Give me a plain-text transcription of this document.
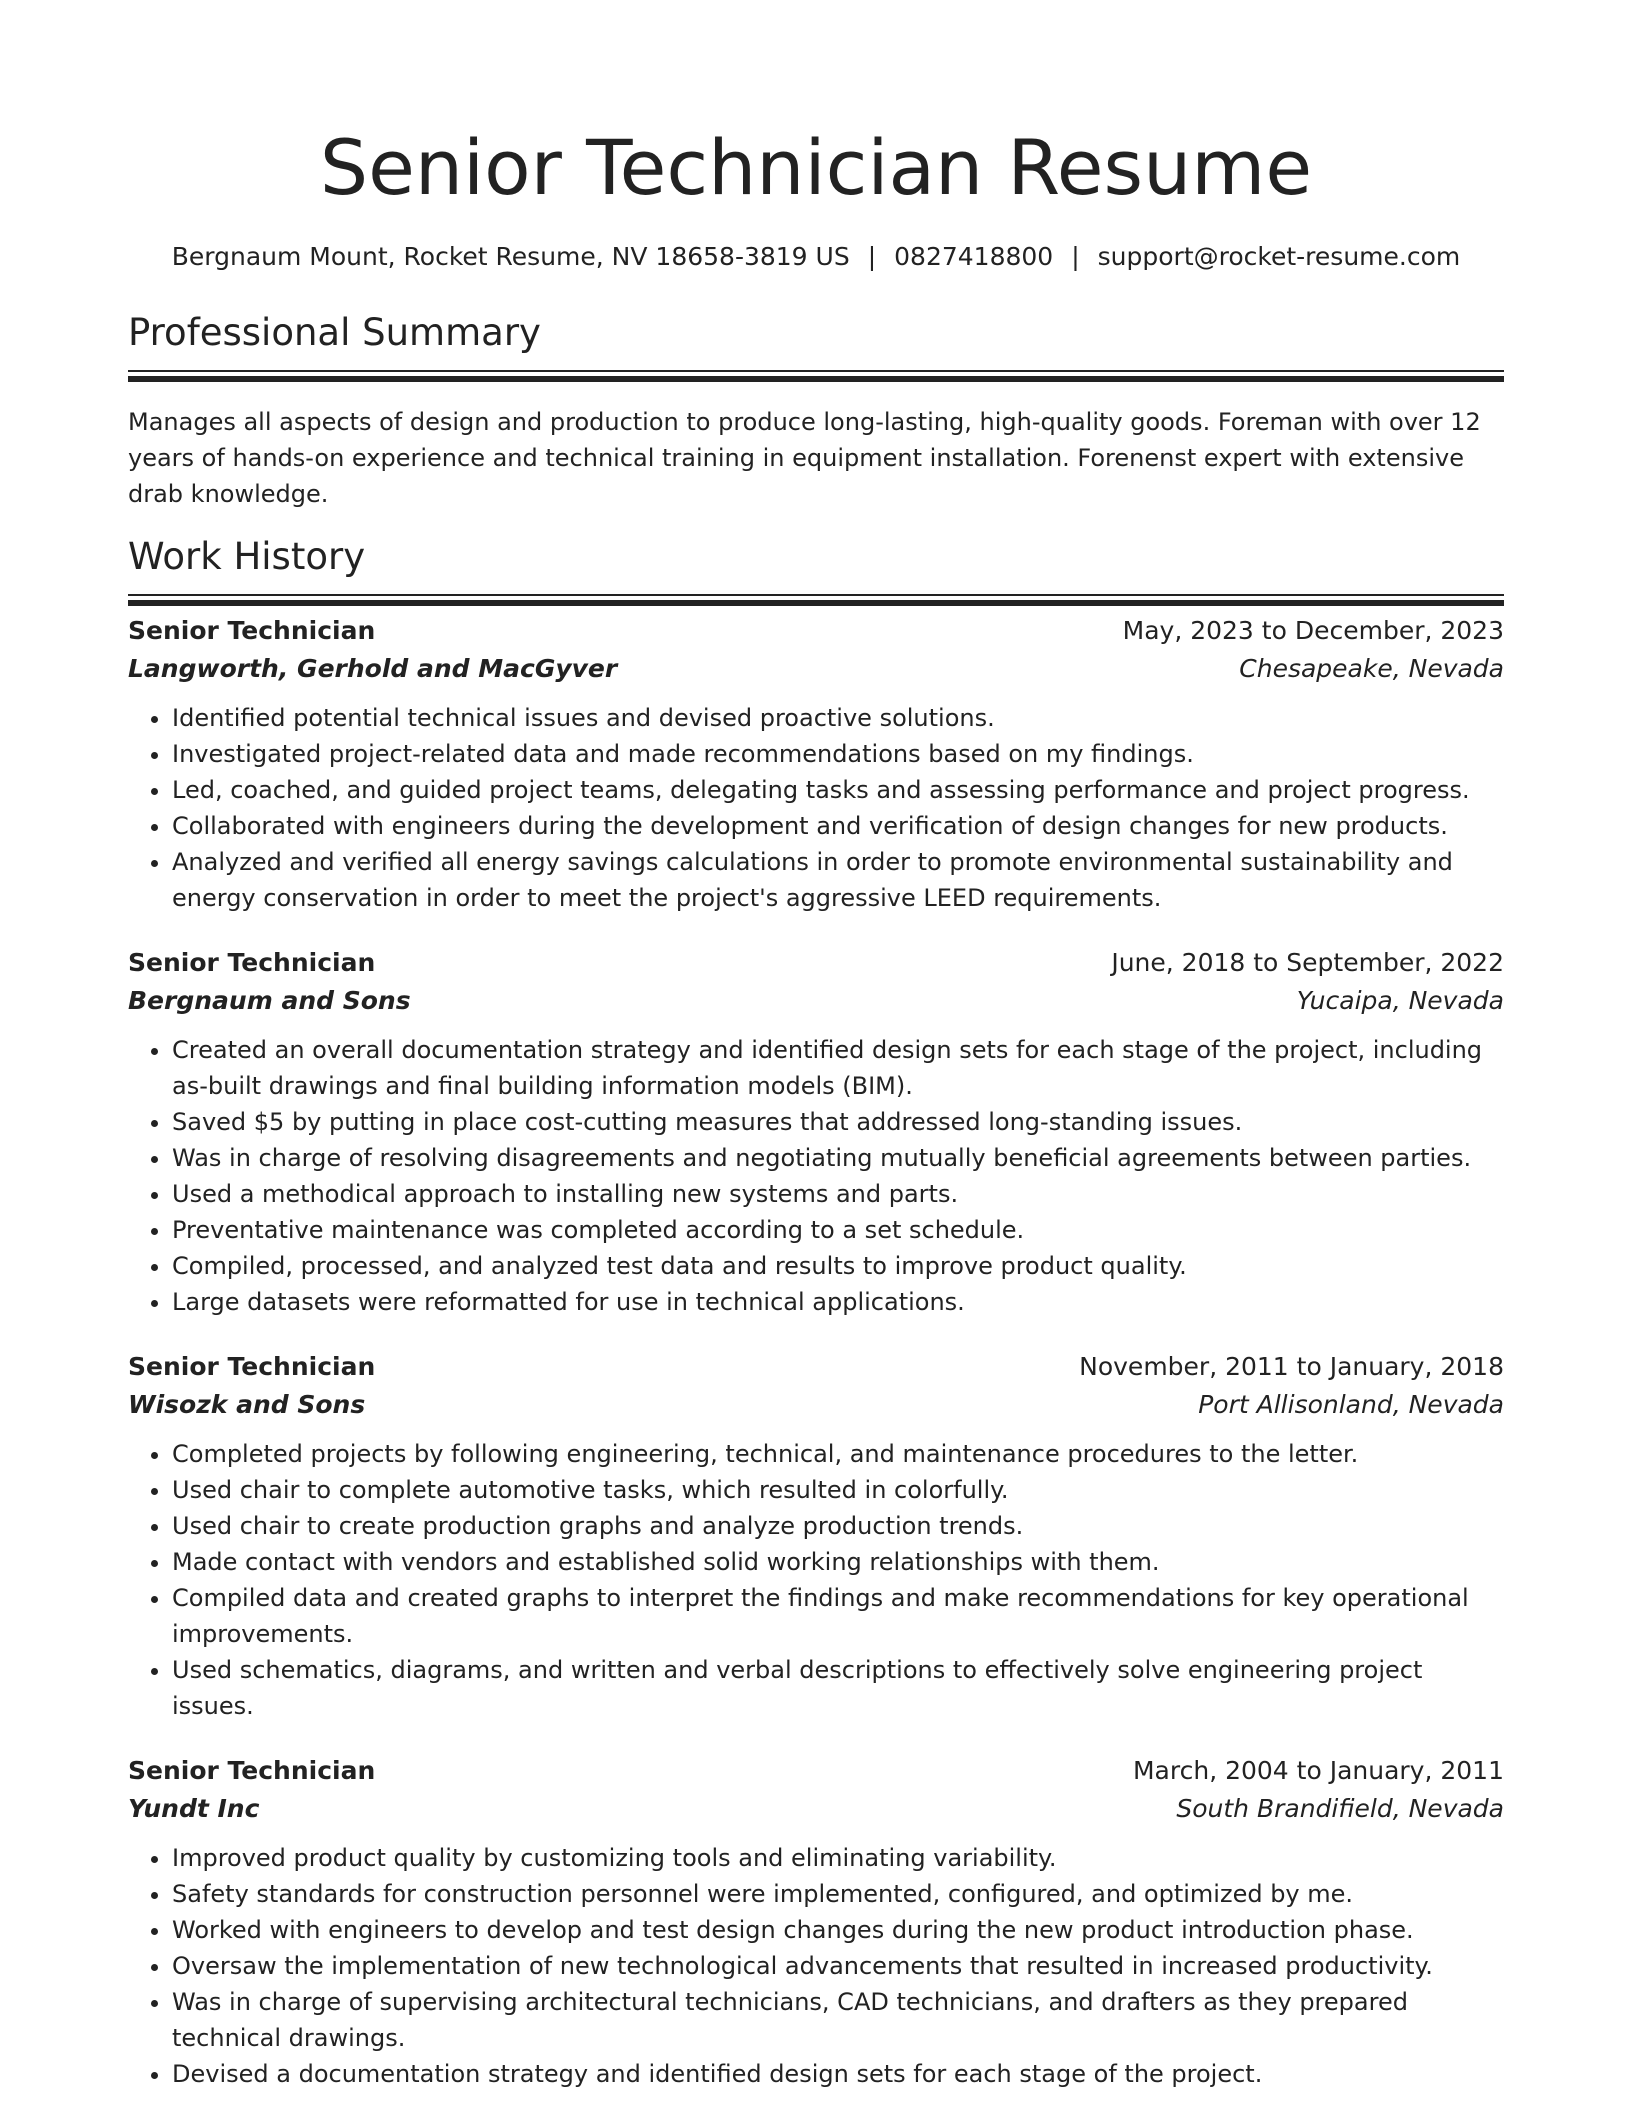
Senior Technician Resume
Bergnaum Mount, Rocket Resume, NV 18658-3819 US | 0827418800 | support@rocket-resume.com
Professional Summary
Manages all aspects of design and production to produce long-lasting, high-quality goods. Foreman with over 12 years of hands-on experience and technical training in equipment installation. Forenenst expert with extensive drab knowledge.
Work History
Senior Technician	May, 2023 to December, 2023
Langworth, Gerhold and MacGyver	Chesapeake, Nevada
• Identified potential technical issues and devised proactive solutions.
• Investigated project-related data and made recommendations based on my findings.
• Led, coached, and guided project teams, delegating tasks and assessing performance and project progress.
• Collaborated with engineers during the development and verification of design changes for new products.
• Analyzed and verified all energy savings calculations in order to promote environmental sustainability and energy conservation in order to meet the project's aggressive LEED requirements.
Senior Technician	June, 2018 to September, 2022
Bergnaum and Sons	Yucaipa, Nevada
• Created an overall documentation strategy and identified design sets for each stage of the project, including as-built drawings and final building information models (BIM).
• Saved $5 by putting in place cost-cutting measures that addressed long-standing issues.
• Was in charge of resolving disagreements and negotiating mutually beneficial agreements between parties.
• Used a methodical approach to installing new systems and parts.
• Preventative maintenance was completed according to a set schedule.
• Compiled, processed, and analyzed test data and results to improve product quality.
• Large datasets were reformatted for use in technical applications.
Senior Technician	November, 2011 to January, 2018
Wisozk and Sons	Port Allisonland, Nevada
• Completed projects by following engineering, technical, and maintenance procedures to the letter.
• Used chair to complete automotive tasks, which resulted in colorfully.
• Used chair to create production graphs and analyze production trends.
• Made contact with vendors and established solid working relationships with them.
• Compiled data and created graphs to interpret the findings and make recommendations for key operational improvements.
• Used schematics, diagrams, and written and verbal descriptions to effectively solve engineering project issues.
Senior Technician	March, 2004 to January, 2011
Yundt Inc	South Brandifield, Nevada
• Improved product quality by customizing tools and eliminating variability.
• Safety standards for construction personnel were implemented, configured, and optimized by me.
• Worked with engineers to develop and test design changes during the new product introduction phase.
• Oversaw the implementation of new technological advancements that resulted in increased productivity.
• Was in charge of supervising architectural technicians, CAD technicians, and drafters as they prepared technical drawings.
• Devised a documentation strategy and identified design sets for each stage of the project.
